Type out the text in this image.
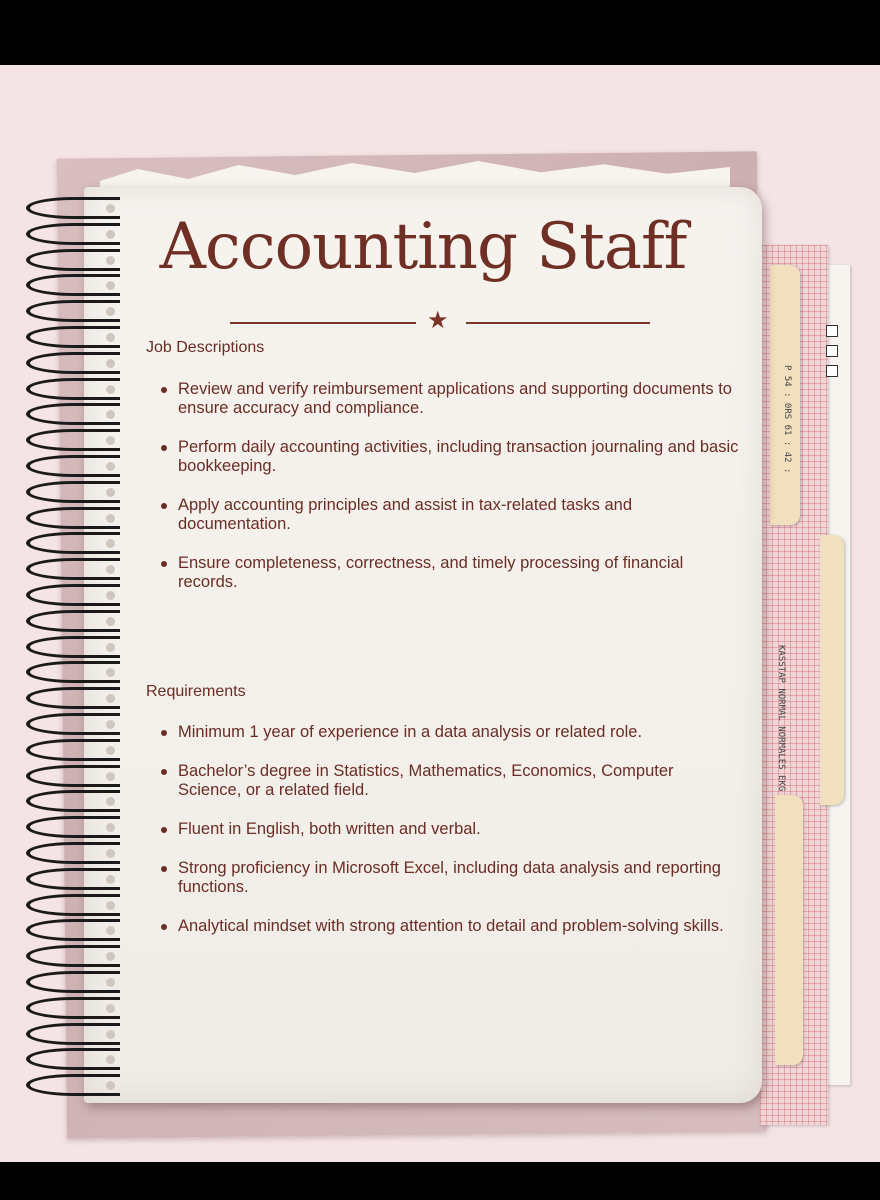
P 54 : 0RS 61 : 42 :
KASSTAP NORMAL NORMALES EKG
Accounting Staff
★
Job Descriptions
Review and verify reimbursement applications and supporting documents to ensure accuracy and compliance.
Perform daily accounting activities, including transaction journaling and basic bookkeeping.
Apply accounting principles and assist in tax-related tasks and documentation.
Ensure completeness, correctness, and timely processing of financial records.
Requirements
Minimum 1 year of experience in a data analysis or related role.
Bachelor’s degree in Statistics, Mathematics, Economics, Computer Science, or a related field.
Fluent in English, both written and verbal.
Strong proficiency in Microsoft Excel, including data analysis and reporting functions.
Analytical mindset with strong attention to detail and problem-solving skills.
